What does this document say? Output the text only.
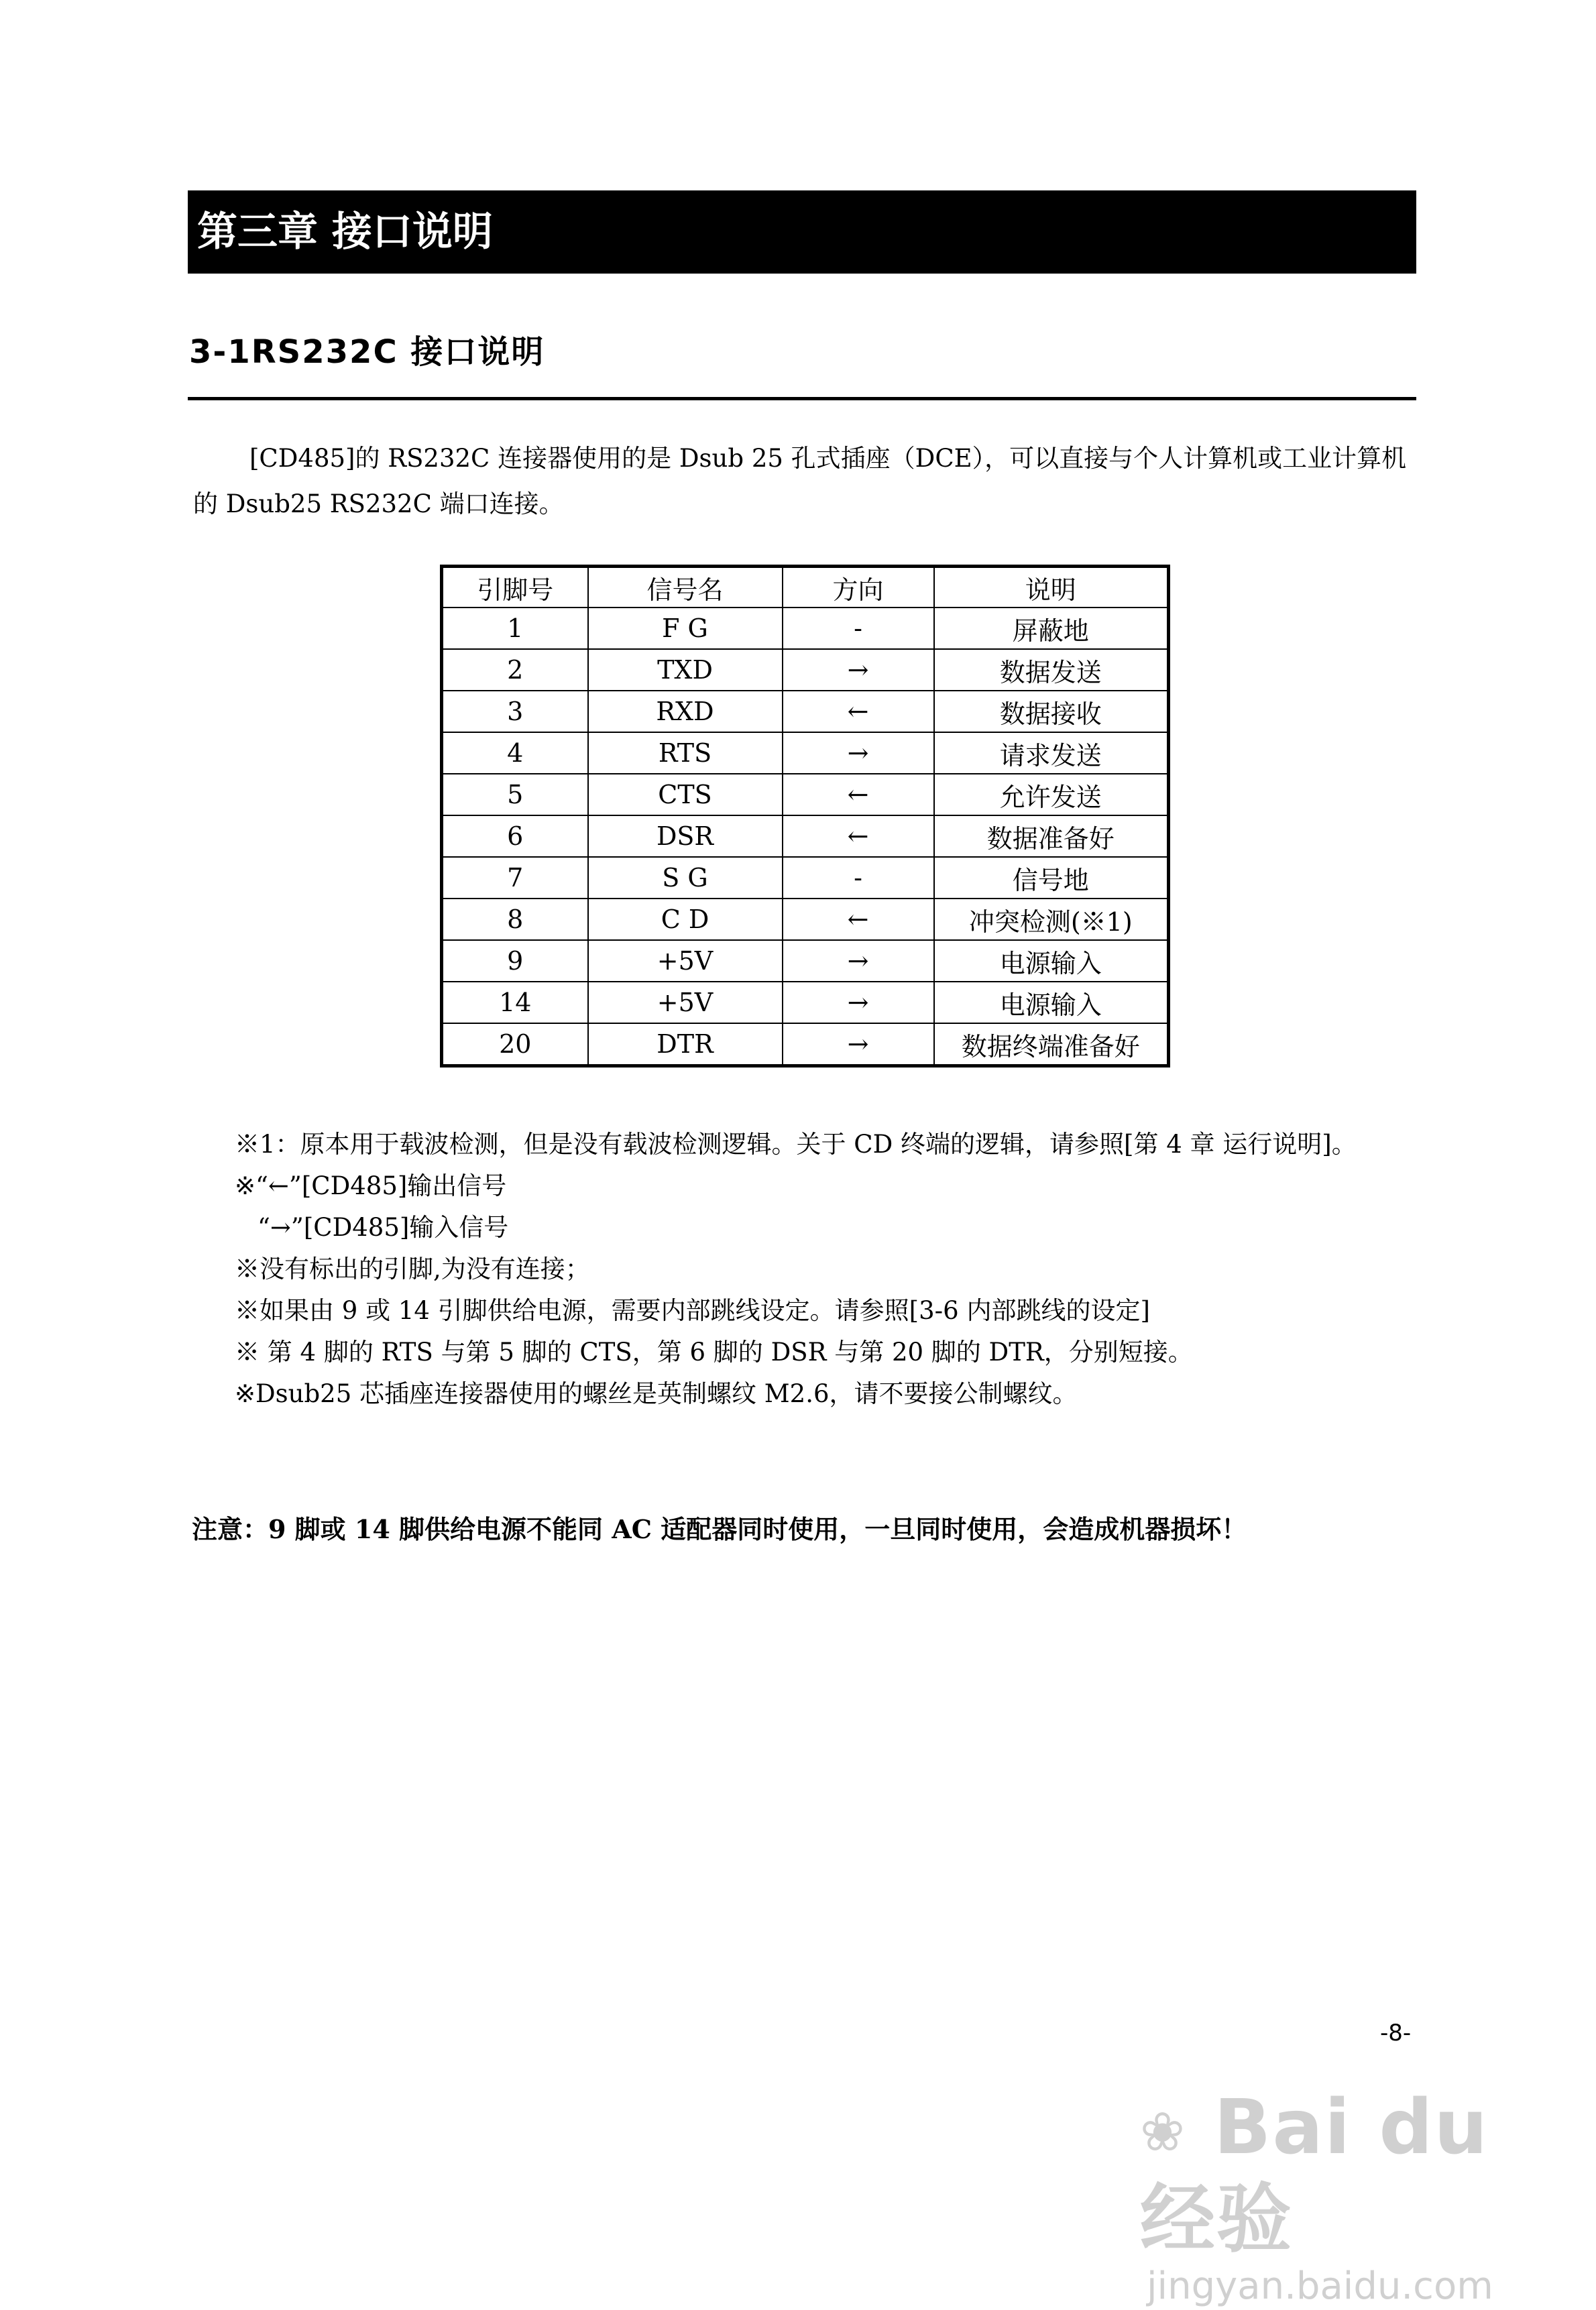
第三章 接口说明
3-1RS232C 接口说明

[CD485]的 RS232C 连接器使用的是 Dsub 25 孔式插座（DCE），可以直接与个人计算机或工业计算机的 Dsub25 RS232C 端口连接。

引脚号	信号名	方向	说明
1	F G	-	屏蔽地
2	TXD	→	数据发送
3	RXD	←	数据接收
4	RTS	→	请求发送
5	CTS	←	允许发送
6	DSR	←	数据准备好
7	S G	-	信号地
8	C D	←	冲突检测(※1)
9	+5V	→	电源输入
14	+5V	→	电源输入
20	DTR	→	数据终端准备好

※1：原本用于载波检测，但是没有载波检测逻辑。关于 CD 终端的逻辑，请参照[第 4 章 运行说明]。

※“←”[CD485]输出信号

“→”[CD485]输入信号

※没有标出的引脚,为没有连接；

※如果由 9 或 14 引脚供给电源，需要内部跳线设定。请参照[3-6 内部跳线的设定]

※ 第 4 脚的 RTS 与第 5 脚的 CTS，第 6 脚的 DSR 与第 20 脚的 DTR，分别短接。

※Dsub25 芯插座连接器使用的螺丝是英制螺纹 M2.6，请不要接公制螺纹。

注意：9 脚或 14 脚供给电源不能同 AC 适配器同时使用，一旦同时使用，会造成机器损坏！
-8-
❀ Bai du 经验
jingyan.baidu.com
